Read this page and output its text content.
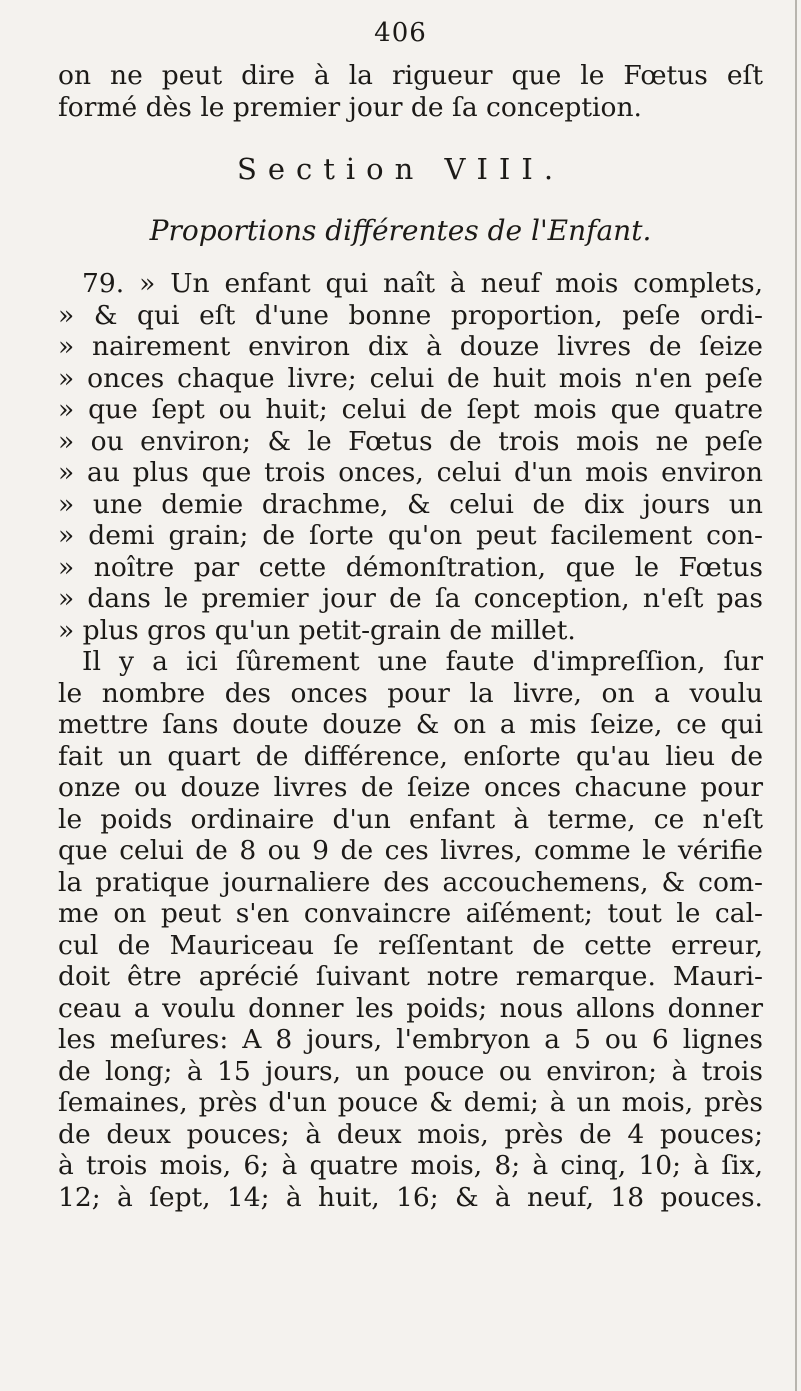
406
on ne peut dire à la rigueur que le Fœtus eſt
formé dès le premier jour de ſa conception.
Section VIII.
Proportions différentes de l'Enfant.
79. » Un enfant qui naît à neuf mois complets,
» & qui eſt d'une bonne proportion, peſe ordi-
» nairement environ dix à douze livres de ſeize
» onces chaque livre; celui de huit mois n'en peſe
» que ſept ou huit; celui de ſept mois que quatre
» ou environ; & le Fœtus de trois mois ne peſe
» au plus que trois onces, celui d'un mois environ
» une demie drachme, & celui de dix jours un
» demi grain; de ſorte qu'on peut facilement con-
» noître par cette démonſtration, que le Fœtus
» dans le premier jour de ſa conception, n'eſt pas
» plus gros qu'un petit-grain de millet.
Il y a ici ſûrement une faute d'impreſſion, ſur
le nombre des onces pour la livre, on a voulu
mettre ſans doute douze & on a mis ſeize, ce qui
fait un quart de différence, enſorte qu'au lieu de
onze ou douze livres de ſeize onces chacune pour
le poids ordinaire d'un enfant à terme, ce n'eſt
que celui de 8 ou 9 de ces livres, comme le vérifie
la pratique journaliere des accouchemens, & com-
me on peut s'en convaincre aiſément; tout le cal-
cul de Mauriceau ſe reſſentant de cette erreur,
doit être aprécié ſuivant notre remarque. Mauri-
ceau a voulu donner les poids; nous allons donner
les meſures: A 8 jours, l'embryon a 5 ou 6 lignes
de long; à 15 jours, un pouce ou environ; à trois
ſemaines, près d'un pouce & demi; à un mois, près
de deux pouces; à deux mois, près de 4 pouces;
à trois mois, 6; à quatre mois, 8; à cinq, 10; à ſix,
12; à ſept, 14; à huit, 16; & à neuf, 18 pouces.
